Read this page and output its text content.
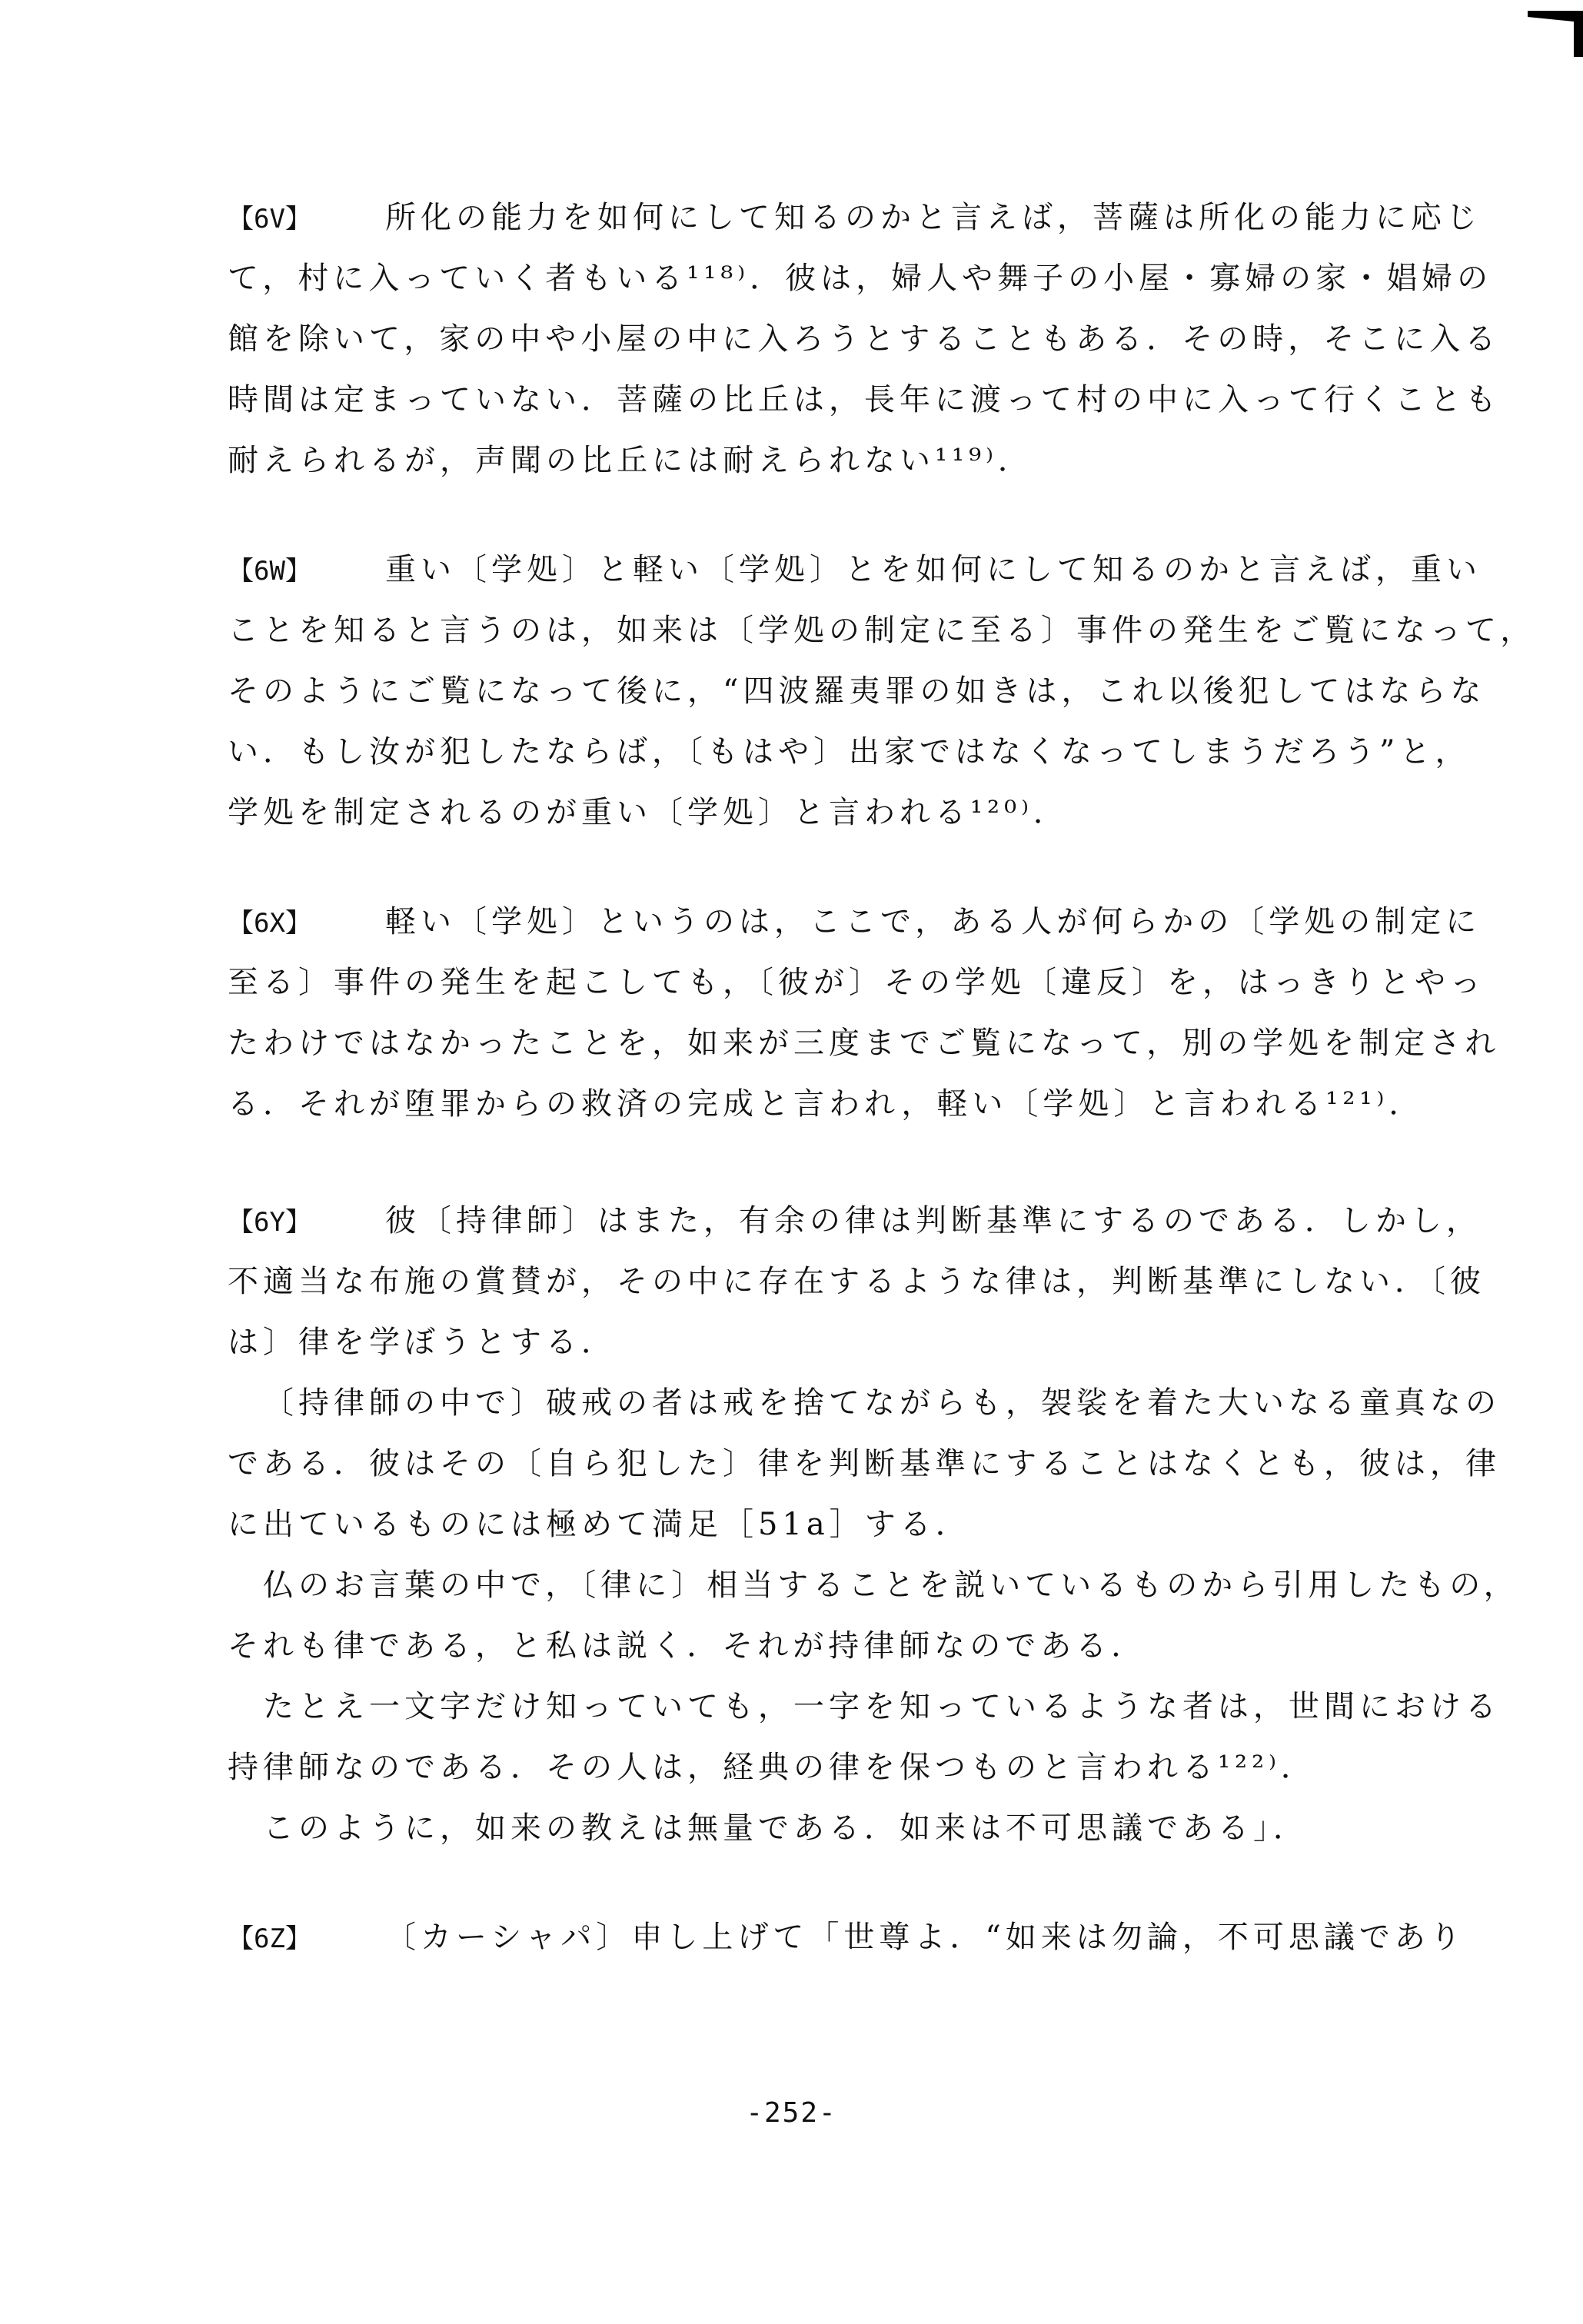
【6V】 所化の能力を如何にして知るのかと言えば，菩薩は所化の能力に応じ
て，村に入っていく者もいる¹¹⁸⁾．彼は，婦人や舞子の小屋・寡婦の家・娼婦の
館を除いて，家の中や小屋の中に入ろうとすることもある．その時，そこに入る
時間は定まっていない．菩薩の比丘は，長年に渡って村の中に入って行くことも
耐えられるが，声聞の比丘には耐えられない¹¹⁹⁾．
【6W】 重い〔学処〕と軽い〔学処〕とを如何にして知るのかと言えば，重い
ことを知ると言うのは，如来は〔学処の制定に至る〕事件の発生をご覧になって，
そのようにご覧になって後に，“四波羅夷罪の如きは，これ以後犯してはならな
い．もし汝が犯したならば，〔もはや〕出家ではなくなってしまうだろう”と，
学処を制定されるのが重い〔学処〕と言われる¹²⁰⁾．
【6X】 軽い〔学処〕というのは，ここで，ある人が何らかの〔学処の制定に
至る〕事件の発生を起こしても，〔彼が〕その学処〔違反〕を，はっきりとやっ
たわけではなかったことを，如来が三度までご覧になって，別の学処を制定され
る．それが堕罪からの救済の完成と言われ，軽い〔学処〕と言われる¹²¹⁾．
【6Y】 彼〔持律師〕はまた，有余の律は判断基準にするのである．しかし，
不適当な布施の賞賛が，その中に存在するような律は，判断基準にしない．〔彼
は〕律を学ぼうとする．
〔持律師の中で〕破戒の者は戒を捨てながらも，袈裟を着た大いなる童真なの
である．彼はその〔自ら犯した〕律を判断基準にすることはなくとも，彼は，律
に出ているものには極めて満足［51a］する．
仏のお言葉の中で，〔律に〕相当することを説いているものから引用したもの，
それも律である，と私は説く．それが持律師なのである．
たとえ一文字だけ知っていても，一字を知っているような者は，世間における
持律師なのである．その人は，経典の律を保つものと言われる¹²²⁾．
このように，如来の教えは無量である．如来は不可思議である」．
【6Z】 〔カーシャパ〕申し上げて「世尊よ．“如来は勿論，不可思議であり
-252-
